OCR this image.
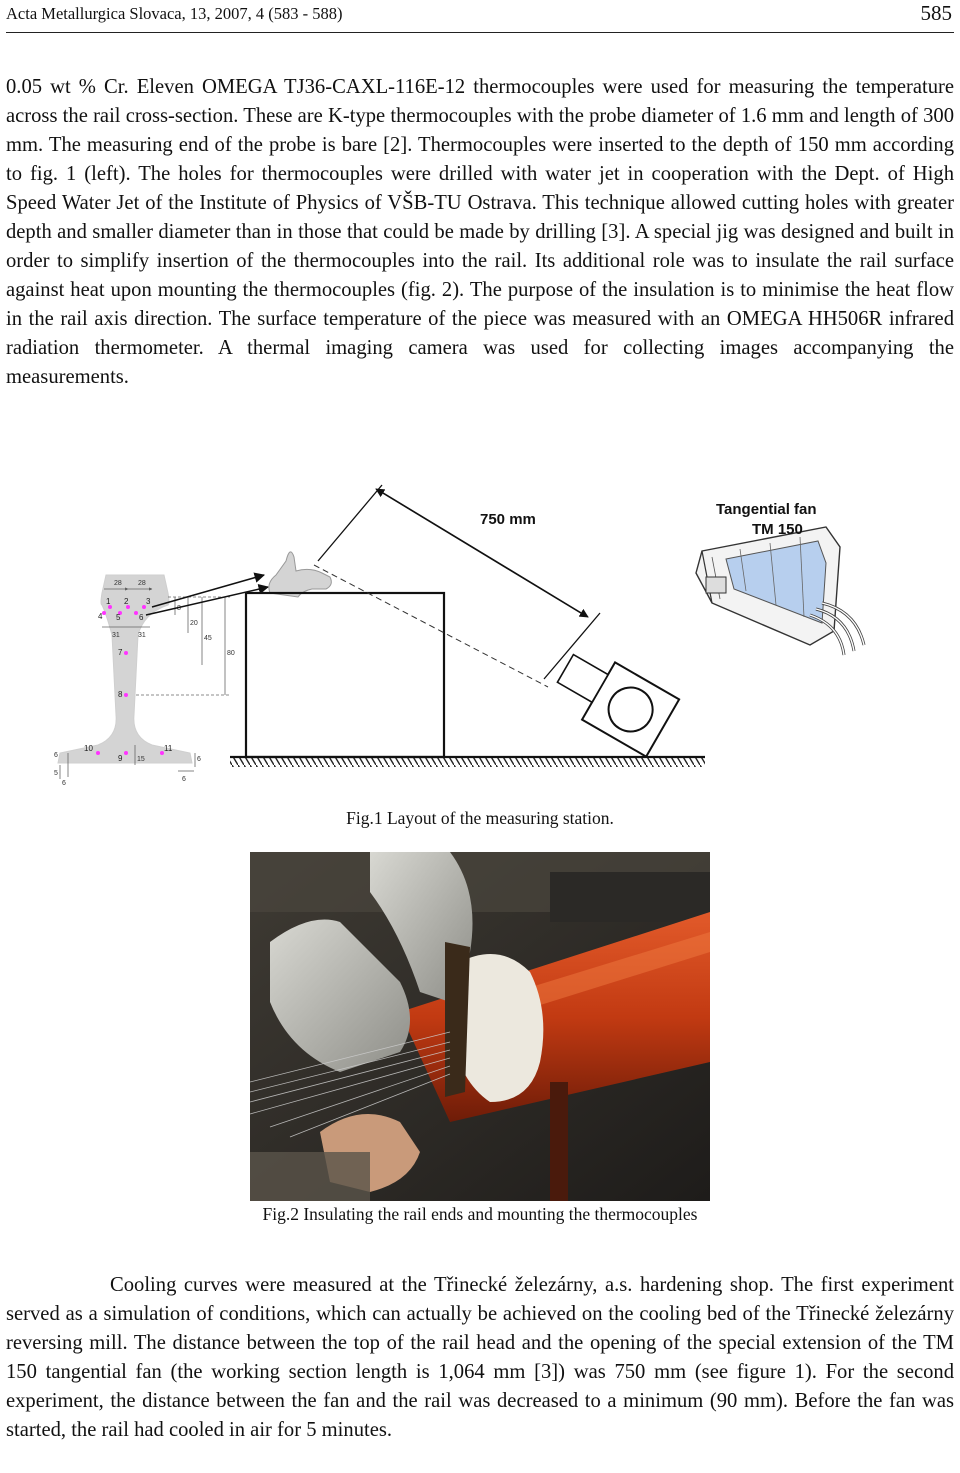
Acta Metallurgica Slovaca, 13, 2007, 4 (583 - 588)	585

0.05 wt % Cr. Eleven OMEGA TJ36-CAXL-116E-12 thermocouples were used for measuring the temperature across the rail cross-section. These are K-type thermocouples with the probe diameter of 1.6 mm and length of 300 mm. The measuring end of the probe is bare [2]. Thermocouples were inserted to the depth of 150 mm according to fig. 1 (left). The holes for thermocouples were drilled with water jet in cooperation with the Dept. of High Speed Water Jet of the Institute of Physics of VŠB-TU Ostrava. This technique allowed cutting holes with greater depth and smaller diameter than in those that could be made by drilling [3]. A special jig was designed and built in order to simplify insertion of the thermocouples into the rail. Its additional role was to insulate the rail surface against heat upon mounting the thermocouples (fig. 2). The purpose of the insulation is to minimise the heat flow in the rail axis direction. The surface temperature of the piece was measured with an OMEGA HH506R infrared radiation thermometer. A thermal imaging camera was used for collecting images accompanying the measurements.

28 28
31	31
8
20
45
80
6
5
15	6
6
6
4
1
5
2
6
3
7
8
9
10	11
750 mm
Tangential fan
TM 150
Fig.1 Layout of the measuring station.
Fig.2 Insulating the rail ends and mounting the thermocouples

Cooling curves were measured at the Třinecké železárny, a.s. hardening shop. The first experiment served as a simulation of conditions, which can actually be achieved on the cooling bed of the Třinecké železárny reversing mill. The distance between the top of the rail head and the opening of the special extension of the TM 150 tangential fan (the working section length is 1,064 mm [3]) was 750 mm (see figure 1). For the second experiment, the distance between the fan and the rail was decreased to a minimum (90 mm). Before the fan was started, the rail had cooled in air for 5 minutes.
